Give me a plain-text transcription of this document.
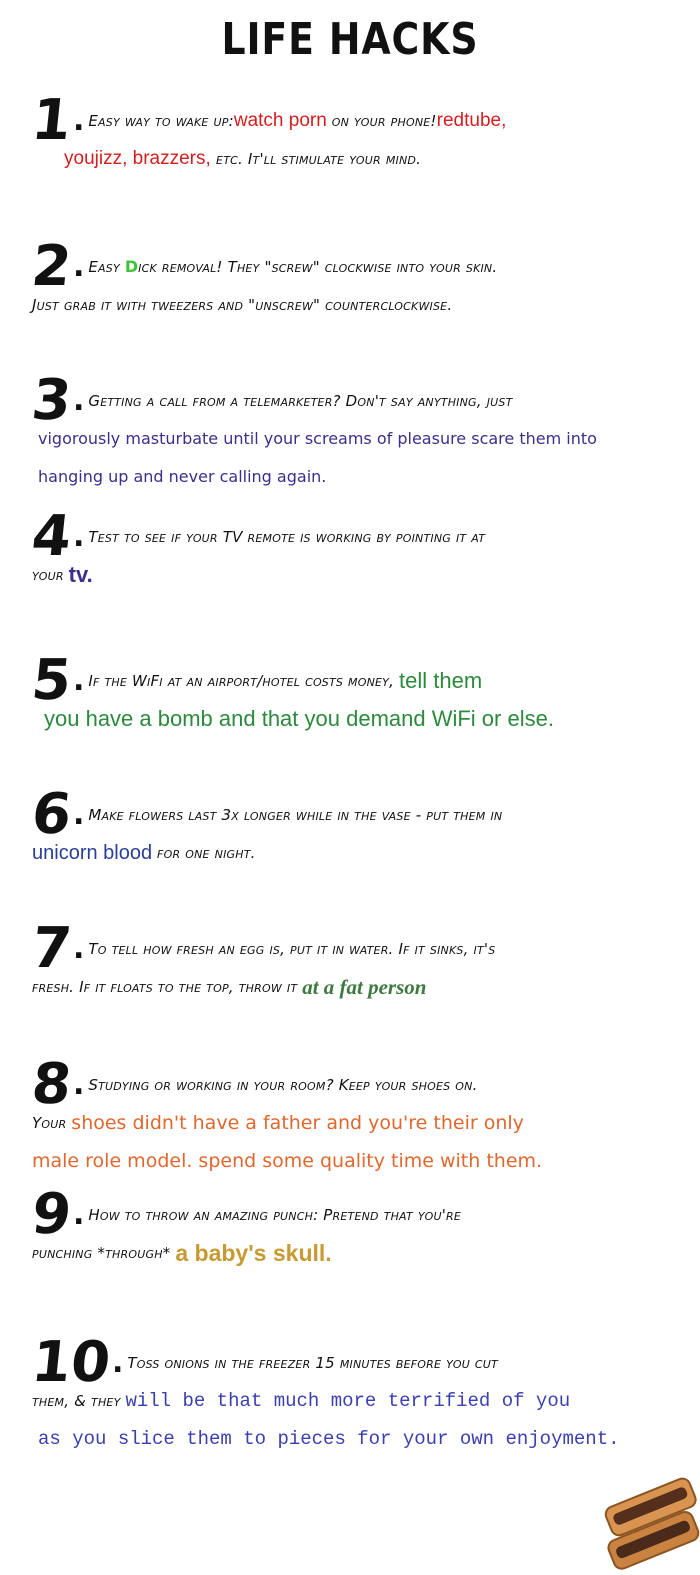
LIFE HACKS
1. Easy way to wake up:watch porn on your phone!redtube,
youjizz, brazzers, etc. It'll stimulate your mind.
2. Easy Dick removal! They "screw" clockwise into your skin.
Just grab it with tweezers and "unscrew" counterclockwise.
3. Getting a call from a telemarketer? Don't say anything, just
vigorously masturbate until your screams of pleasure scare them into
hanging up and never calling again.
4. Test to see if your TV remote is working by pointing it at
your tv.
5. If the WiFi at an airport/hotel costs money, tell them
you have a bomb and that you demand WiFi or else.
6. Make flowers last 3x longer while in the vase - put them in
unicorn blood for one night.
7. To tell how fresh an egg is, put it in water. If it sinks, it's
fresh. If it floats to the top, throw it at a fat person
8. Studying or working in your room? Keep your shoes on.
Your shoes didn't have a father and you're their only
male role model. spend some quality time with them.
9. How to throw an amazing punch: Pretend that you're
punching *through* a baby's skull.
10. Toss onions in the freezer 15 minutes before you cut
them, & they will be that much more terrified of you
as you slice them to pieces for your own enjoyment.
